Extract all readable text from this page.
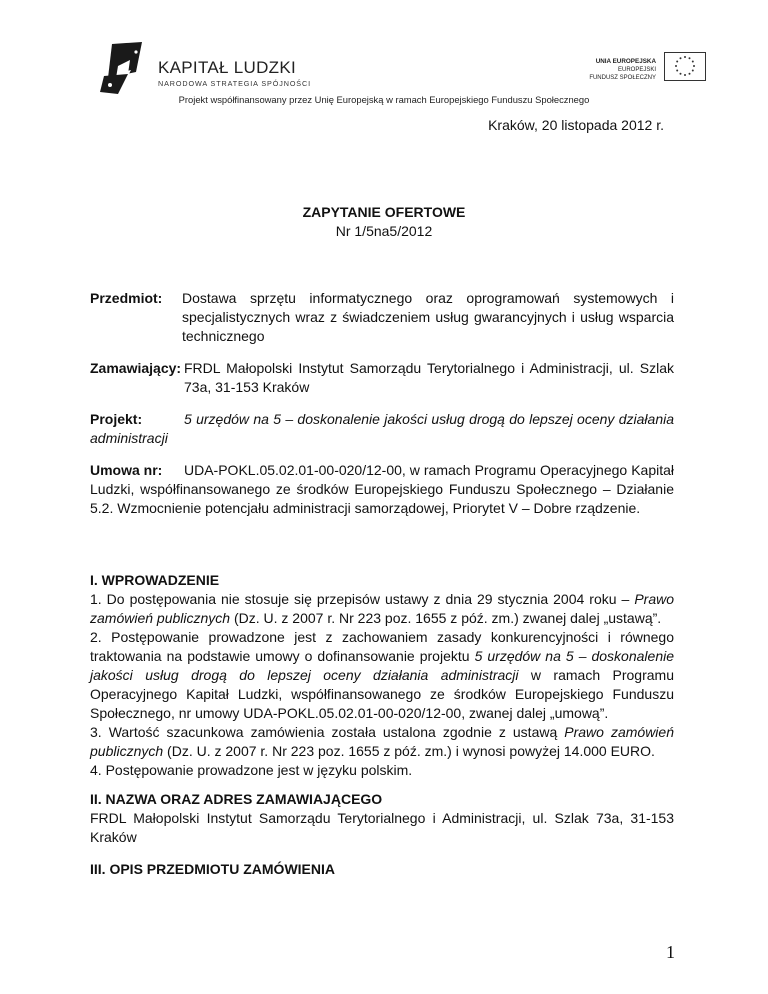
KAPITAŁ LUDZKI
NARODOWA STRATEGIA SPÓJNOŚCI
UNIA EUROPEJSKA
EUROPEJSKI
FUNDUSZ SPOŁECZNY
Projekt współfinansowany przez Unię Europejską w ramach Europejskiego Funduszu Społecznego
Kraków, 20 listopada 2012 r.
ZAPYTANIE OFERTOWE
Nr 1/5na5/2012
Przedmiot:	Dostawa sprzętu informatycznego oraz oprogramowań systemowych i specjalistycznych wraz z świadczeniem usług gwarancyjnych i usług wsparcia technicznego
Zamawiający: FRDL Małopolski Instytut Samorządu Terytorialnego i Administracji, ul. Szlak 73a, 31-153 Kraków
Projekt:	5 urzędów na 5 – doskonalenie jakości usług drogą do lepszej oceny działania administracji
Umowa nr: UDA-POKL.05.02.01-00-020/12-00, w ramach Programu Operacyjnego Kapitał Ludzki, współfinansowanego ze środków Europejskiego Funduszu Społecznego – Działanie 5.2. Wzmocnienie potencjału administracji samorządowej, Priorytet V – Dobre rządzenie.
I. WPROWADZENIE
1. Do postępowania nie stosuje się przepisów ustawy z dnia 29 stycznia 2004 roku – Prawo zamówień publicznych (Dz. U. z 2007 r. Nr 223 poz. 1655 z póź. zm.) zwanej dalej „ustawą”.
2. Postępowanie prowadzone jest z zachowaniem zasady konkurencyjności i równego traktowania na podstawie umowy o dofinansowanie projektu 5 urzędów na 5 – doskonalenie jakości usług drogą do lepszej oceny działania administracji w ramach Programu Operacyjnego Kapitał Ludzki, współfinansowanego ze środków Europejskiego Funduszu Społecznego, nr umowy UDA-POKL.05.02.01-00-020/12-00, zwanej dalej „umową”.
3. Wartość szacunkowa zamówienia została ustalona zgodnie z ustawą Prawo zamówień publicznych (Dz. U. z 2007 r. Nr 223 poz. 1655 z póź. zm.) i wynosi powyżej 14.000 EURO.
4. Postępowanie prowadzone jest w języku polskim.
II. NAZWA ORAZ ADRES ZAMAWIAJĄCEGO
FRDL Małopolski Instytut Samorządu Terytorialnego i Administracji, ul. Szlak 73a, 31-153 Kraków
III. OPIS PRZEDMIOTU ZAMÓWIENIA
1
